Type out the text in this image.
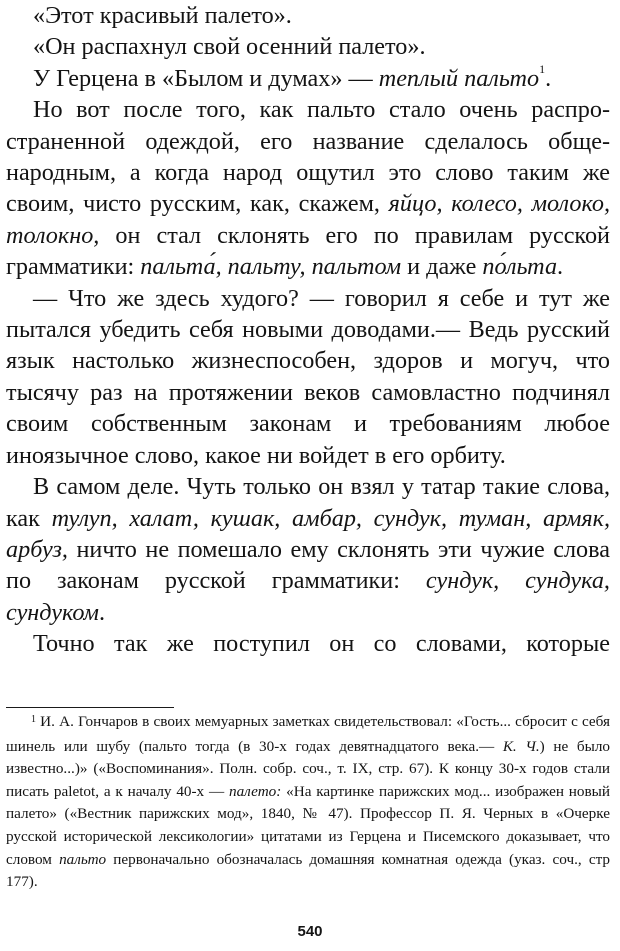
«Этот красивый палето».

«Он распахнул свой осенний палето».

У Герцена в «Былом и думах» — теплый пальто$^1$.

Но вот после того, как пальто стало очень распространенной одеждой, его название сделалось общенародным, а когда народ ощутил это слово таким же своим, чисто русским, как, скажем, яйцо, колесо, молоко, толокно, он стал склонять его по правилам русской грамматики: пальта́, пальту, пальтом и даже по́льта.

— Что же здесь худого? — говорил я себе и тут же пытался убедить себя новыми доводами.— Ведь русский язык настолько жизнеспособен, здоров и могуч, что тысячу раз на протяжении веков самовластно подчинял своим собственным законам и требованиям любое иноязычное слово, какое ни войдет в его орбиту.

В самом деле. Чуть только он взял у татар такие слова, как тулуп, халат, кушак, амбар, сундук, туман, армяк, арбуз, ничто не помешало ему склонять эти чужие слова по законам русской грамматики: сундук, сундука, сундуком.

Точно так же поступил он со словами, которые

$^1$ И. А. Гончаров в своих мемуарных заметках свидетельствовал: «Гость... сбросит с себя шинель или шубу (пальто тогда (в 30-х годах девятнадцатого века.— К. Ч.) не было известно...)» («Воспоминания». Полн. собр. соч., т. IX, стр. 67). К концу 30-х годов стали писать paletot, а к началу 40-х — палето: «На картинке парижских мод... изображен новый палето» («Вестник парижских мод», 1840, № 47). Профессор П. Я. Черных в «Очерке русской исторической лексикологии» цитатами из Герцена и Писемского доказывает, что словом пальто первоначально обозначалась домашняя комнатная одежда (указ. соч., стр 177).

540
